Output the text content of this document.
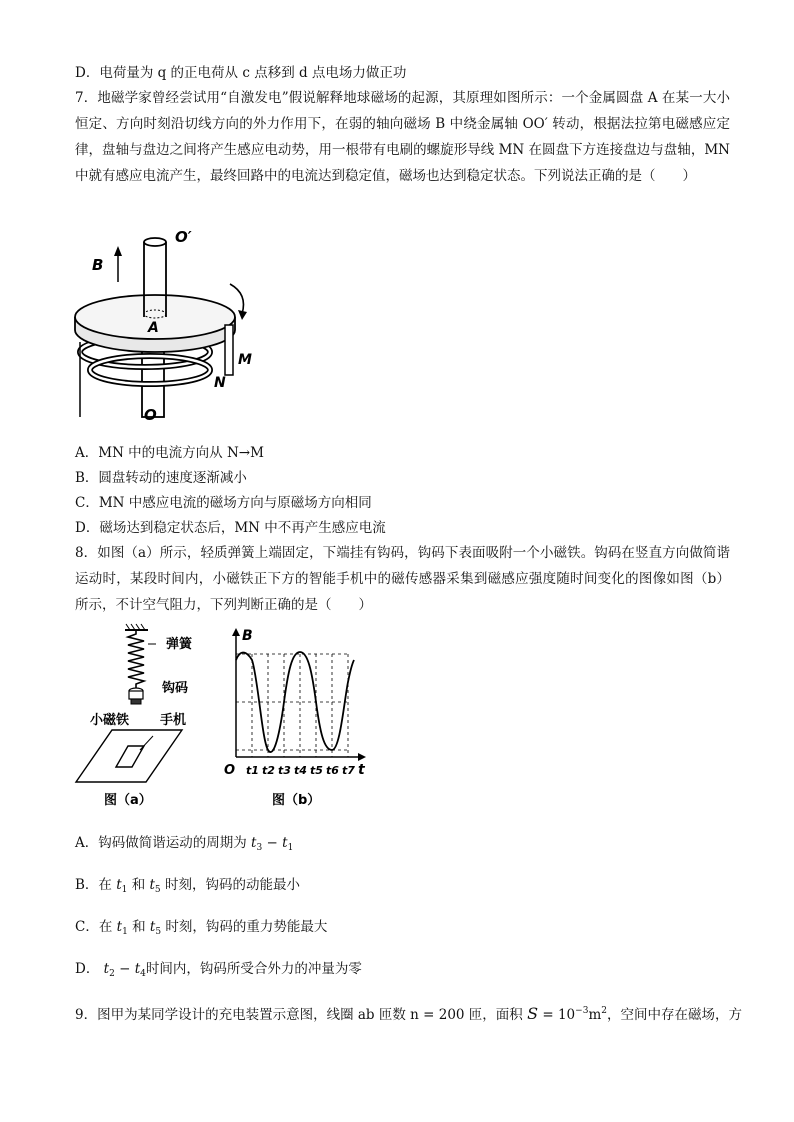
D．电荷量为 q 的正电荷从 c 点移到 d 点电场力做正功
7．地磁学家曾经尝试用“自激发电”假说解释地球磁场的起源，其原理如图所示：一个金属圆盘 A 在某一大小恒定、方向时刻沿切线方向的外力作用下，在弱的轴向磁场 B 中绕金属轴 OO′ 转动，根据法拉第电磁感应定律，盘轴与盘边之间将产生感应电动势，用一根带有电刷的螺旋形导线 MN 在圆盘下方连接盘边与盘轴，MN 中就有感应电流产生，最终回路中的电流达到稳定值，磁场也达到稳定状态。下列说法正确的是（　　）
B
O′
A
M
N
O
A．MN 中的电流方向从 N→M
B．圆盘转动的速度逐渐减小
C．MN 中感应电流的磁场方向与原磁场方向相同
D．磁场达到稳定状态后，MN 中不再产生感应电流
8．如图（a）所示，轻质弹簧上端固定，下端挂有钩码，钩码下表面吸附一个小磁铁。钩码在竖直方向做简谐运动时，某段时间内，小磁铁正下方的智能手机中的磁传感器采集到磁感应强度随时间变化的图像如图（b）所示，不计空气阻力，下列判断正确的是（　　）
弹簧
钩码
小磁铁 手机
图（a）
B
t
O t1 t2 t3 t4 t5 t6 t7
图（b）
A．钩码做简谐运动的周期为 $t_3 - t_1$
B．在 $t_1$ 和 $t_5$ 时刻，钩码的动能最小
C．在 $t_1$ 和 $t_5$ 时刻，钩码的重力势能最大
D． $t_2 - t_4$时间内，钩码所受合外力的冲量为零
9．图甲为某同学设计的充电装置示意图，线圈 ab 匝数 n = 200 匝，面积 $S = 10^{-3}m^2$，空间中存在磁场，方
